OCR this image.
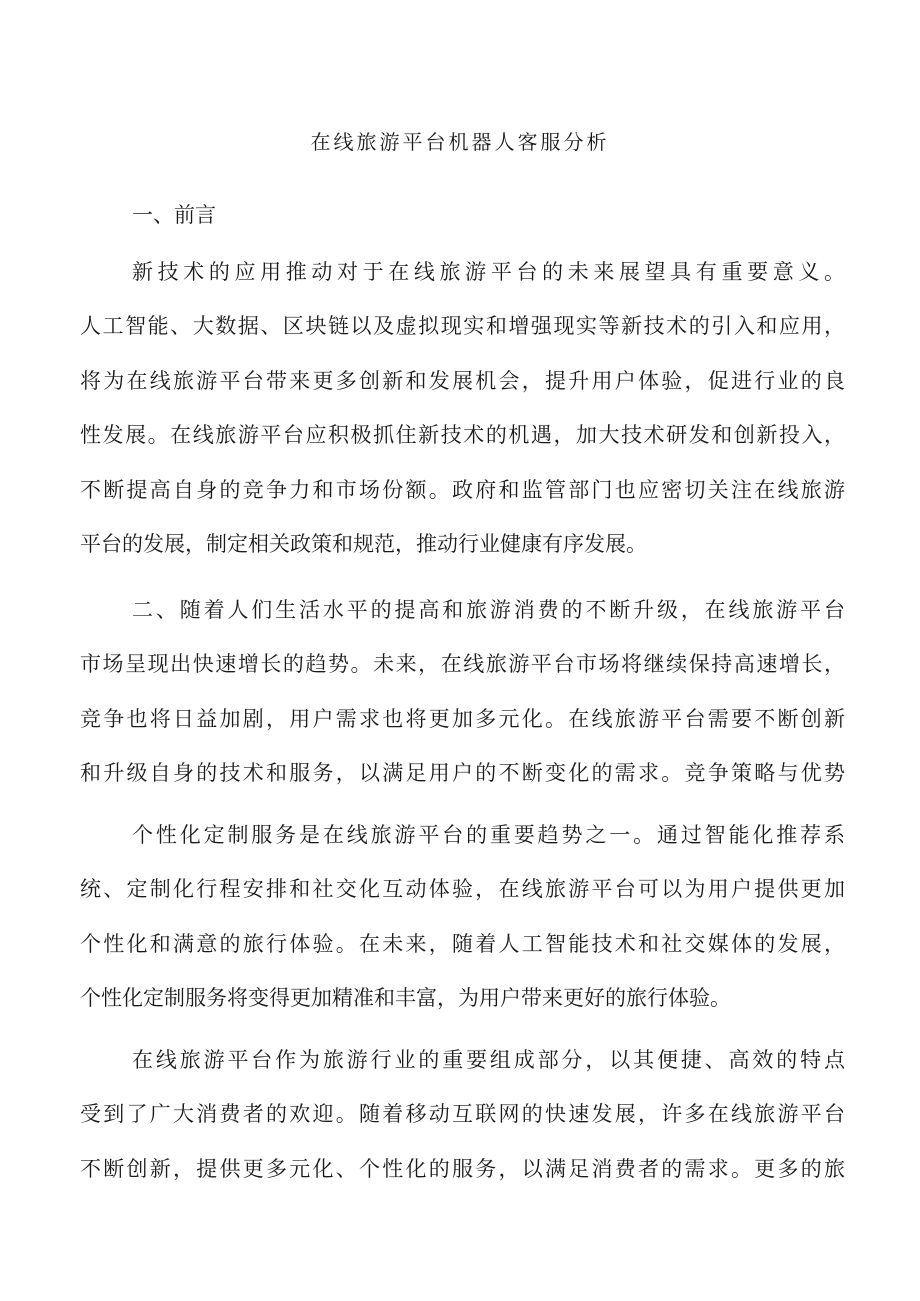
在线旅游平台机器人客服分析
一、前言

新技术的应用推动对于在线旅游平台的未来展望具有重要意义。
人工智能、大数据、区块链以及虚拟现实和增强现实等新技术的引入和应用，
将为在线旅游平台带来更多创新和发展机会，提升用户体验，促进行业的良
性发展。在线旅游平台应积极抓住新技术的机遇，加大技术研发和创新投入，
不断提高自身的竞争力和市场份额。政府和监管部门也应密切关注在线旅游
平台的发展，制定相关政策和规范，推动行业健康有序发展。

二、随着人们生活水平的提高和旅游消费的不断升级，在线旅游平台
市场呈现出快速增长的趋势。未来，在线旅游平台市场将继续保持高速增长，
竞争也将日益加剧，用户需求也将更加多元化。在线旅游平台需要不断创新
和升级自身的技术和服务，以满足用户的不断变化的需求。竞争策略与优势

个性化定制服务是在线旅游平台的重要趋势之一。通过智能化推荐系
统、定制化行程安排和社交化互动体验，在线旅游平台可以为用户提供更加
个性化和满意的旅行体验。在未来，随着人工智能技术和社交媒体的发展，
个性化定制服务将变得更加精准和丰富，为用户带来更好的旅行体验。

在线旅游平台作为旅游行业的重要组成部分，以其便捷、高效的特点
受到了广大消费者的欢迎。随着移动互联网的快速发展，许多在线旅游平台
不断创新，提供更多元化、个性化的服务，以满足消费者的需求。更多的旅
